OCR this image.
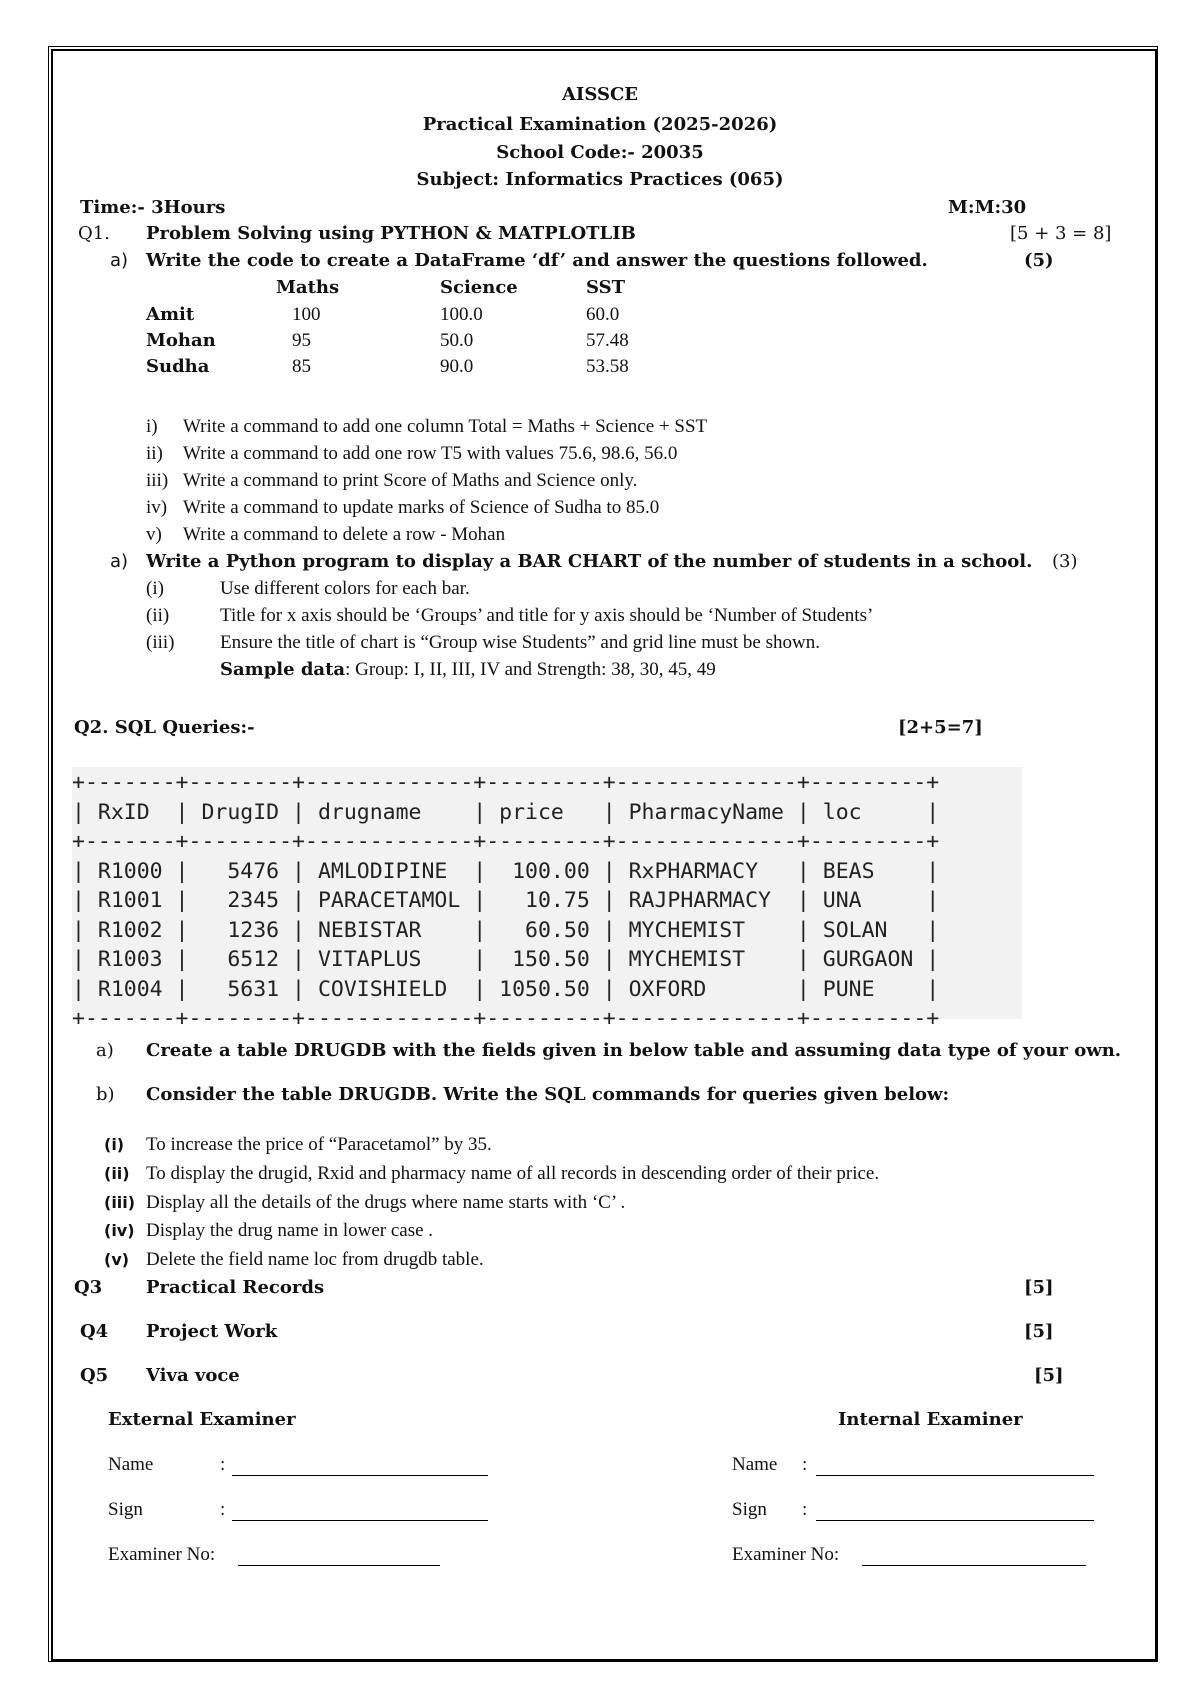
AISSCE
Practical Examination (2025-2026)
School Code:- 20035
Subject: Informatics Practices (065)
Time:- 3Hours	M:M:30
Q1. Problem Solving using PYTHON & MATPLOTLIB	[5 + 3 = 8]
a) Write the code to create a DataFrame ‘df’ and answer the questions followed.	(5)
Maths	Science	SST
Amit	100	100.0	60.0
Mohan	95	50.0	57.48
Sudha	85	90.0	53.58
i) Write a command to add one column Total = Maths + Science + SST
ii) Write a command to add one row T5 with values 75.6, 98.6, 56.0
iii) Write a command to print Score of Maths and Science only.
iv) Write a command to update marks of Science of Sudha to 85.0
v) Write a command to delete a row - Mohan
a) Write a Python program to display a BAR CHART of the number of students in a school. (3)
(i)	Use different colors for each bar.
(ii)	Title for x axis should be ‘Groups’ and title for y axis should be ‘Number of Students’
(iii) Ensure the title of chart is “Group wise Students” and grid line must be shown.
Sample data: Group: I, II, III, IV and Strength: 38, 30, 45, 49
Q2. SQL Queries:-	[2+5=7]
+-------+--------+-------------+---------+--------------+---------+
| RxID  | DrugID | drugname    | price   | PharmacyName | loc     |
+-------+--------+-------------+---------+--------------+---------+
| R1000 |   5476 | AMLODIPINE  |  100.00 | RxPHARMACY   | BEAS    |
| R1001 |   2345 | PARACETAMOL |   10.75 | RAJPHARMACY  | UNA     |
| R1002 |   1236 | NEBISTAR    |   60.50 | MYCHEMIST    | SOLAN   |
| R1003 |   6512 | VITAPLUS    |  150.50 | MYCHEMIST    | GURGAON |
| R1004 |   5631 | COVISHIELD  | 1050.50 | OXFORD       | PUNE    |
+-------+--------+-------------+---------+--------------+---------+
a) Create a table DRUGDB with the fields given in below table and assuming data type of your own.
b) Consider the table DRUGDB. Write the SQL commands for queries given below:
(i) To increase the price of “Paracetamol” by 35.
(ii) To display the drugid, Rxid and pharmacy name of all records in descending order of their price.
(iii) Display all the details of the drugs where name starts with ‘C’ .
(iv) Display the drug name in lower case .
(v) Delete the field name loc from drugdb table.
Q3 Practical Records	[5]
Q4 Project Work	[5]
Q5 Viva voce	[5]
External Examiner
Name	:
Sign	:
Examiner No:
Internal Examiner
Name :
Sign :
Examiner No:
